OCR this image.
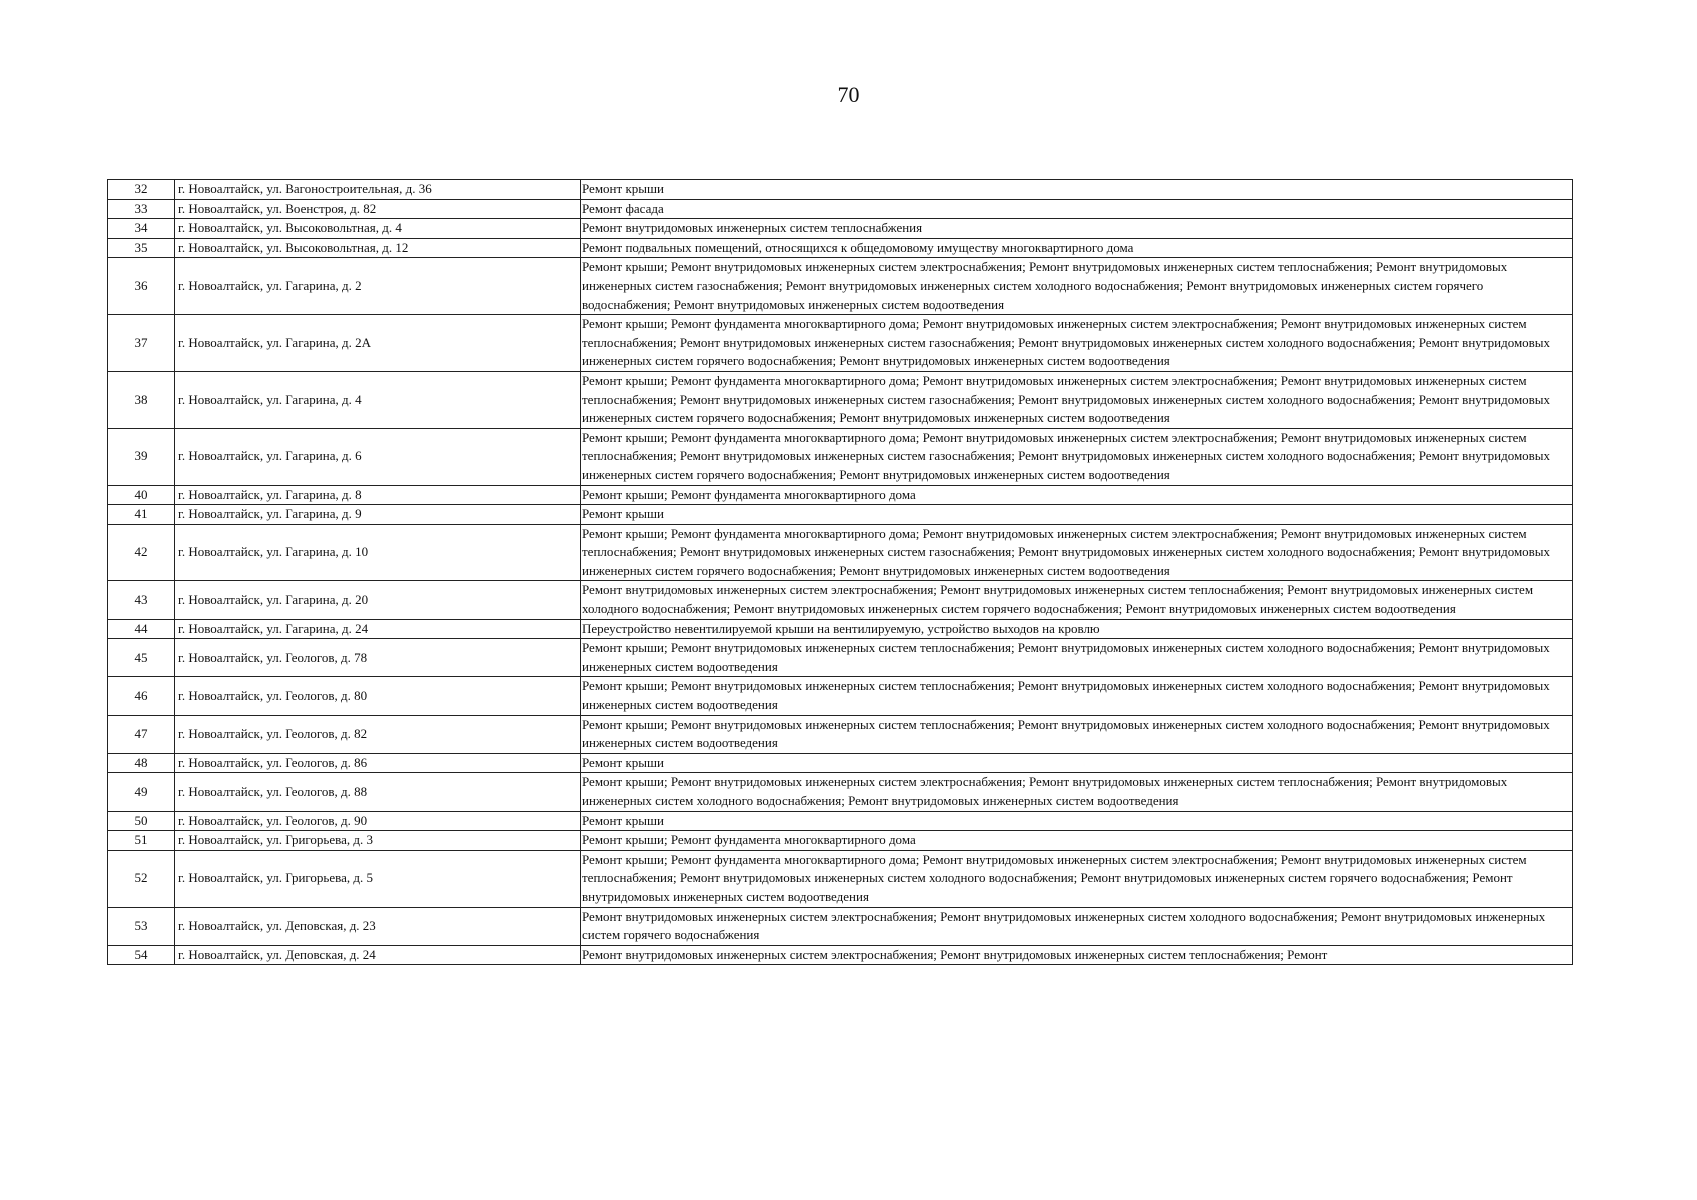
70
32	г. Новоалтайск, ул. Вагоностроительная, д. 36	Ремонт крыши
33	г. Новоалтайск, ул. Военстроя, д. 82	Ремонт фасада
34	г. Новоалтайск, ул. Высоковольтная, д. 4	Ремонт внутридомовых инженерных систем теплоснабжения
35	г. Новоалтайск, ул. Высоковольтная, д. 12	Ремонт подвальных помещений, относящихся к общедомовому имуществу многоквартирного дома
36	г. Новоалтайск, ул. Гагарина, д. 2	Ремонт крыши; Ремонт внутридомовых инженерных систем электроснабжения; Ремонт внутридомовых инженерных систем теплоснабжения; Ремонт внутридомовых инженерных систем газоснабжения; Ремонт внутридомовых инженерных систем холодного водоснабжения; Ремонт внутридомовых инженерных систем горячего водоснабжения; Ремонт внутридомовых инженерных систем водоотведения
37	г. Новоалтайск, ул. Гагарина, д. 2А	Ремонт крыши; Ремонт фундамента многоквартирного дома; Ремонт внутридомовых инженерных систем электроснабжения; Ремонт внутридомовых инженерных систем теплоснабжения; Ремонт внутридомовых инженерных систем газоснабжения; Ремонт внутридомовых инженерных систем холодного водоснабжения; Ремонт внутридомовых инженерных систем горячего водоснабжения; Ремонт внутридомовых инженерных систем водоотведения
38	г. Новоалтайск, ул. Гагарина, д. 4	Ремонт крыши; Ремонт фундамента многоквартирного дома; Ремонт внутридомовых инженерных систем электроснабжения; Ремонт внутридомовых инженерных систем теплоснабжения; Ремонт внутридомовых инженерных систем газоснабжения; Ремонт внутридомовых инженерных систем холодного водоснабжения; Ремонт внутридомовых инженерных систем горячего водоснабжения; Ремонт внутридомовых инженерных систем водоотведения
39	г. Новоалтайск, ул. Гагарина, д. 6	Ремонт крыши; Ремонт фундамента многоквартирного дома; Ремонт внутридомовых инженерных систем электроснабжения; Ремонт внутридомовых инженерных систем теплоснабжения; Ремонт внутридомовых инженерных систем газоснабжения; Ремонт внутридомовых инженерных систем холодного водоснабжения; Ремонт внутридомовых инженерных систем горячего водоснабжения; Ремонт внутридомовых инженерных систем водоотведения
40	г. Новоалтайск, ул. Гагарина, д. 8	Ремонт крыши; Ремонт фундамента многоквартирного дома
41	г. Новоалтайск, ул. Гагарина, д. 9	Ремонт крыши
42	г. Новоалтайск, ул. Гагарина, д. 10	Ремонт крыши; Ремонт фундамента многоквартирного дома; Ремонт внутридомовых инженерных систем электроснабжения; Ремонт внутридомовых инженерных систем теплоснабжения; Ремонт внутридомовых инженерных систем газоснабжения; Ремонт внутридомовых инженерных систем холодного водоснабжения; Ремонт внутридомовых инженерных систем горячего водоснабжения; Ремонт внутридомовых инженерных систем водоотведения
43	г. Новоалтайск, ул. Гагарина, д. 20	Ремонт внутридомовых инженерных систем электроснабжения; Ремонт внутридомовых инженерных систем теплоснабжения; Ремонт внутридомовых инженерных систем холодного водоснабжения; Ремонт внутридомовых инженерных систем горячего водоснабжения; Ремонт внутридомовых инженерных систем водоотведения
44	г. Новоалтайск, ул. Гагарина, д. 24	Переустройство невентилируемой крыши на вентилируемую, устройство выходов на кровлю
45	г. Новоалтайск, ул. Геологов, д. 78	Ремонт крыши; Ремонт внутридомовых инженерных систем теплоснабжения; Ремонт внутридомовых инженерных систем холодного водоснабжения; Ремонт внутридомовых инженерных систем водоотведения
46	г. Новоалтайск, ул. Геологов, д. 80	Ремонт крыши; Ремонт внутридомовых инженерных систем теплоснабжения; Ремонт внутридомовых инженерных систем холодного водоснабжения; Ремонт внутридомовых инженерных систем водоотведения
47	г. Новоалтайск, ул. Геологов, д. 82	Ремонт крыши; Ремонт внутридомовых инженерных систем теплоснабжения; Ремонт внутридомовых инженерных систем холодного водоснабжения; Ремонт внутридомовых инженерных систем водоотведения
48	г. Новоалтайск, ул. Геологов, д. 86	Ремонт крыши
49	г. Новоалтайск, ул. Геологов, д. 88	Ремонт крыши; Ремонт внутридомовых инженерных систем электроснабжения; Ремонт внутридомовых инженерных систем теплоснабжения; Ремонт внутридомовых инженерных систем холодного водоснабжения; Ремонт внутридомовых инженерных систем водоотведения
50	г. Новоалтайск, ул. Геологов, д. 90	Ремонт крыши
51	г. Новоалтайск, ул. Григорьева, д. 3	Ремонт крыши; Ремонт фундамента многоквартирного дома
52	г. Новоалтайск, ул. Григорьева, д. 5	Ремонт крыши; Ремонт фундамента многоквартирного дома; Ремонт внутридомовых инженерных систем электроснабжения; Ремонт внутридомовых инженерных систем теплоснабжения; Ремонт внутридомовых инженерных систем холодного водоснабжения; Ремонт внутридомовых инженерных систем горячего водоснабжения; Ремонт внутридомовых инженерных систем водоотведения
53	г. Новоалтайск, ул. Деповская, д. 23	Ремонт внутридомовых инженерных систем электроснабжения; Ремонт внутридомовых инженерных систем холодного водоснабжения; Ремонт внутридомовых инженерных систем горячего водоснабжения
54	г. Новоалтайск, ул. Деповская, д. 24	Ремонт внутридомовых инженерных систем электроснабжения; Ремонт внутридомовых инженерных систем теплоснабжения; Ремонт
